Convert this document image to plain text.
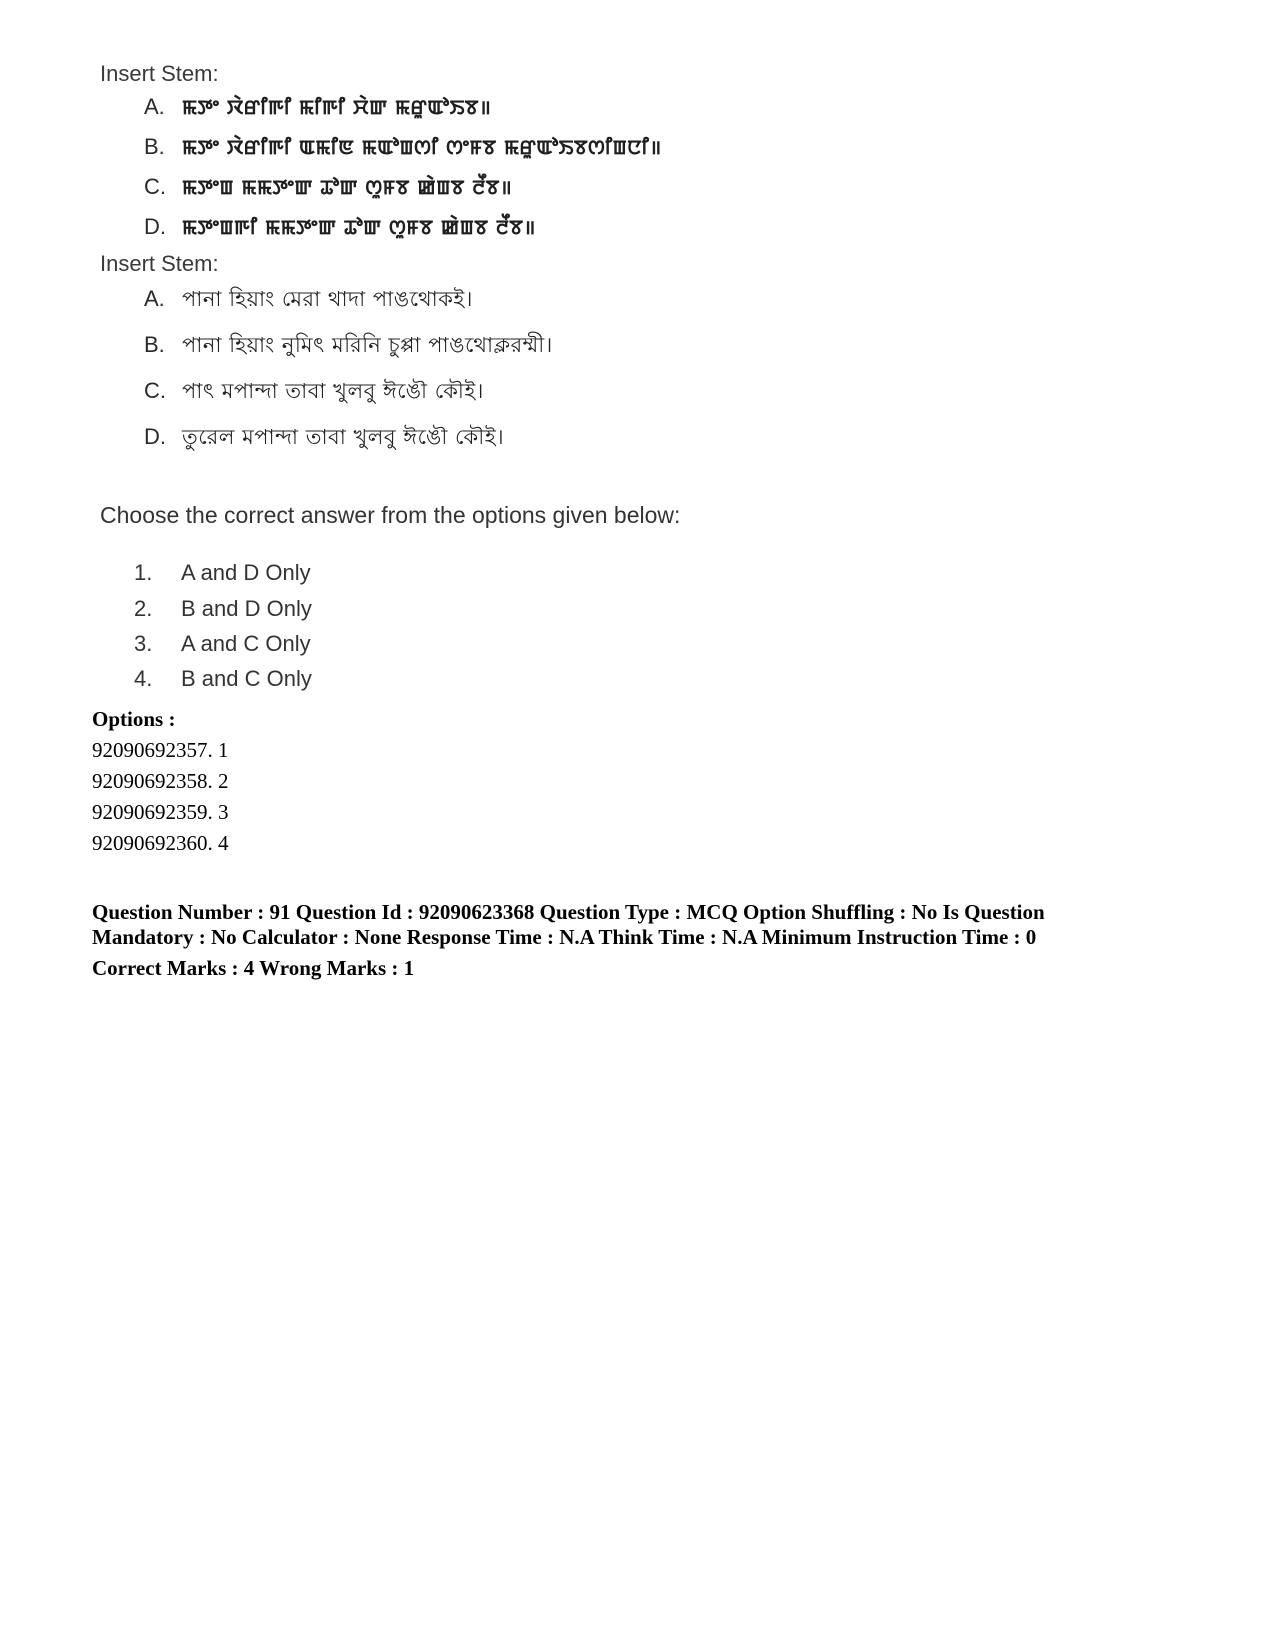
Insert Stem:
A. ꯃꯇꯦ ꯋꯥꯔꯤꯒꯤ ꯃꯤꯒꯤ ꯆꯥꯛ ꯃꯔꯨꯑꯣꯏꯕ॥
B. ꯃꯇꯦ ꯋꯥꯔꯤꯒꯤ ꯑꯃꯤꯟ ꯃꯑꯣꯡꯁꯤ ꯁꯦꯝꯕ ꯃꯔꯨꯑꯣꯏꯕꯁꯤꯡꯅꯤ॥
C. ꯃꯇꯦꯡ ꯃꯃꯇꯦꯛ ꯊꯣꯛ ꯁꯨꯝꯕ ꯀꯥꯡꯕ ꯂꯩꯕ॥
D. ꯃꯇꯦꯡꯒꯤ ꯃꯃꯇꯦꯛ ꯊꯣꯛ ꯁꯨꯝꯕ ꯀꯥꯡꯕ ꯂꯩꯕ॥
Insert Stem:
A. পানা হিয়াং মেরা থাদা পাঙথোকই।
B. পানা হিয়াং নুমিৎ মরিনি চুপ্পা পাঙথোক্লরম্মী।
C. পাৎ মপান্দা তাবা খুলবু ঈঙৌ কৌই।
D. তুরেল মপান্দা তাবা খুলবু ঈঙৌ কৌই।
Choose the correct answer from the options given below:
1.	A and D Only
2.	B and D Only
3.	A and C Only
4.	B and C Only
Options :
92090692357. 1
92090692358. 2
92090692359. 3
92090692360. 4
Question Number : 91 Question Id : 92090623368 Question Type : MCQ Option Shuffling : No Is Question
Mandatory : No Calculator : None Response Time : N.A Think Time : N.A Minimum Instruction Time : 0
Correct Marks : 4 Wrong Marks : 1
